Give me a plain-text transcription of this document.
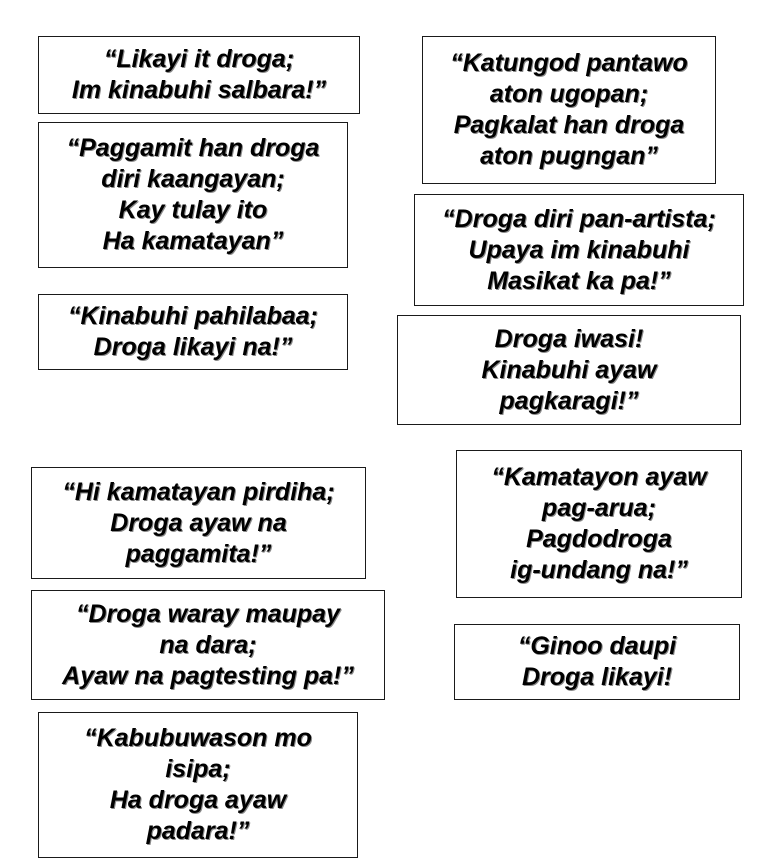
“Likayi it droga;
Im kinabuhi salbara!”
“Paggamit han droga
diri kaangayan;
Kay tulay ito
Ha kamatayan”
“Kinabuhi pahilabaa;
Droga likayi na!”
“Hi kamatayan pirdiha;
Droga ayaw na
paggamita!”
“Droga waray maupay
na dara;
Ayaw na pagtesting pa!”
“Kabubuwason mo
isipa;
Ha droga ayaw
padara!”
“Katungod pantawo
aton ugopan;
Pagkalat han droga
aton pugngan”
“Droga diri pan-artista;
Upaya im kinabuhi
Masikat ka pa!”
Droga iwasi!
Kinabuhi ayaw
pagkaragi!”
“Kamatayon ayaw
pag-arua;
Pagdodroga
ig-undang na!”
“Ginoo daupi
Droga likayi!
